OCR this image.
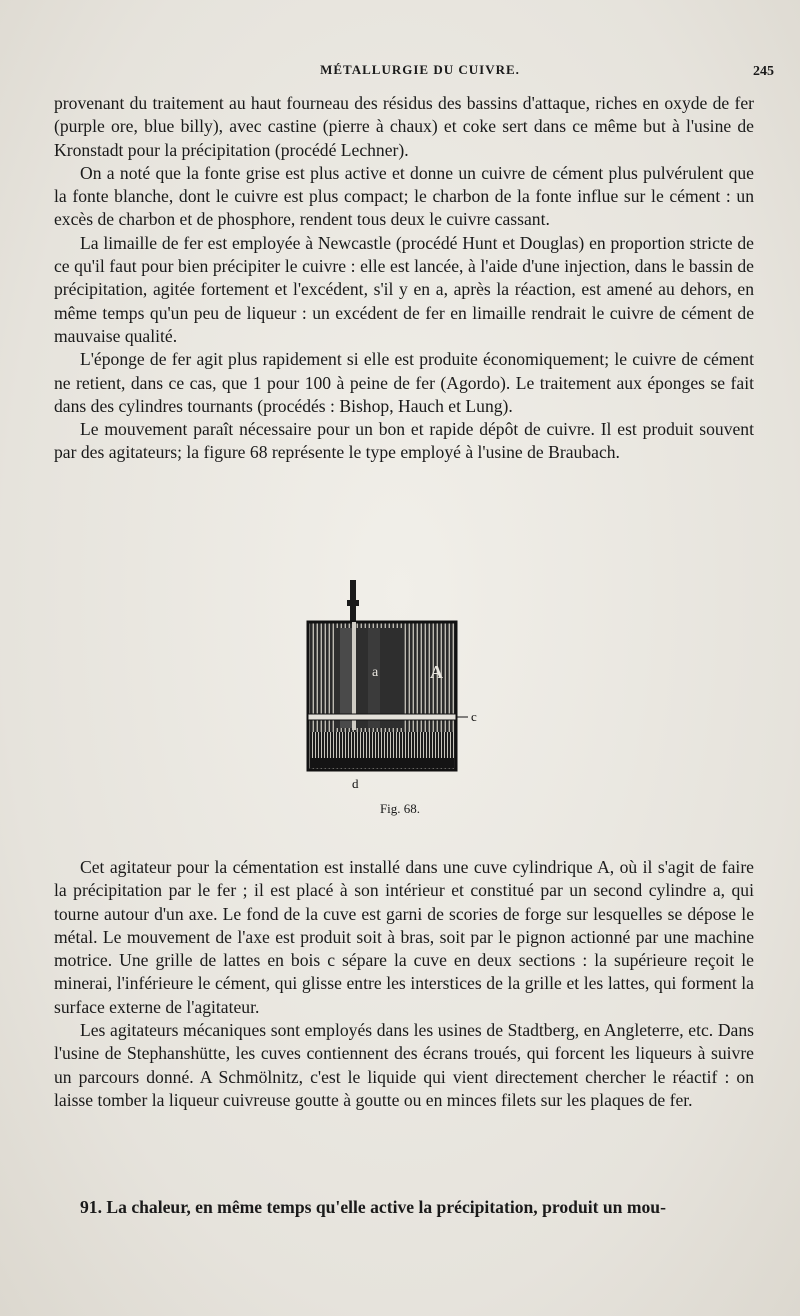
MÉTALLURGIE DU CUIVRE.	245

provenant du traitement au haut fourneau des résidus des bassins d'attaque, riches en oxyde de fer (purple ore, blue billy), avec castine (pierre à chaux) et coke sert dans ce même but à l'usine de Kronstadt pour la précipitation (procédé Lechner).

On a noté que la fonte grise est plus active et donne un cuivre de cément plus pulvérulent que la fonte blanche, dont le cuivre est plus compact; le charbon de la fonte influe sur le cément : un excès de charbon et de phosphore, rendent tous deux le cuivre cassant.

La limaille de fer est employée à Newcastle (procédé Hunt et Douglas) en proportion stricte de ce qu'il faut pour bien précipiter le cuivre : elle est lancée, à l'aide d'une injection, dans le bassin de précipitation, agitée fortement et l'excédent, s'il y en a, après la réaction, est amené au dehors, en même temps qu'un peu de liqueur : un excédent de fer en limaille rendrait le cuivre de cément de mauvaise qualité.

L'éponge de fer agit plus rapidement si elle est produite économiquement; le cuivre de cément ne retient, dans ce cas, que 1 pour 100 à peine de fer (Agordo). Le traitement aux éponges se fait dans des cylindres tournants (procédés : Bishop, Hauch et Lung).

Le mouvement paraît nécessaire pour un bon et rapide dépôt de cuivre. Il est produit souvent par des agitateurs; la figure 68 représente le type employé à l'usine de Braubach.

a	A
c
d
Fig. 68.

Cet agitateur pour la cémentation est installé dans une cuve cylindrique A, où il s'agit de faire la précipitation par le fer ; il est placé à son intérieur et constitué par un second cylindre a, qui tourne autour d'un axe. Le fond de la cuve est garni de scories de forge sur lesquelles se dépose le métal. Le mouvement de l'axe est produit soit à bras, soit par le pignon actionné par une machine motrice. Une grille de lattes en bois c sépare la cuve en deux sections : la supérieure reçoit le minerai, l'inférieure le cément, qui glisse entre les interstices de la grille et les lattes, qui forment la surface externe de l'agitateur.

Les agitateurs mécaniques sont employés dans les usines de Stadtberg, en Angleterre, etc. Dans l'usine de Stephanshütte, les cuves contiennent des écrans troués, qui forcent les liqueurs à suivre un parcours donné. A Schmölnitz, c'est le liquide qui vient directement chercher le réactif : on laisse tomber la liqueur cuivreuse goutte à goutte ou en minces filets sur les plaques de fer.

91. La chaleur, en même temps qu'elle active la précipitation, produit un mou-
